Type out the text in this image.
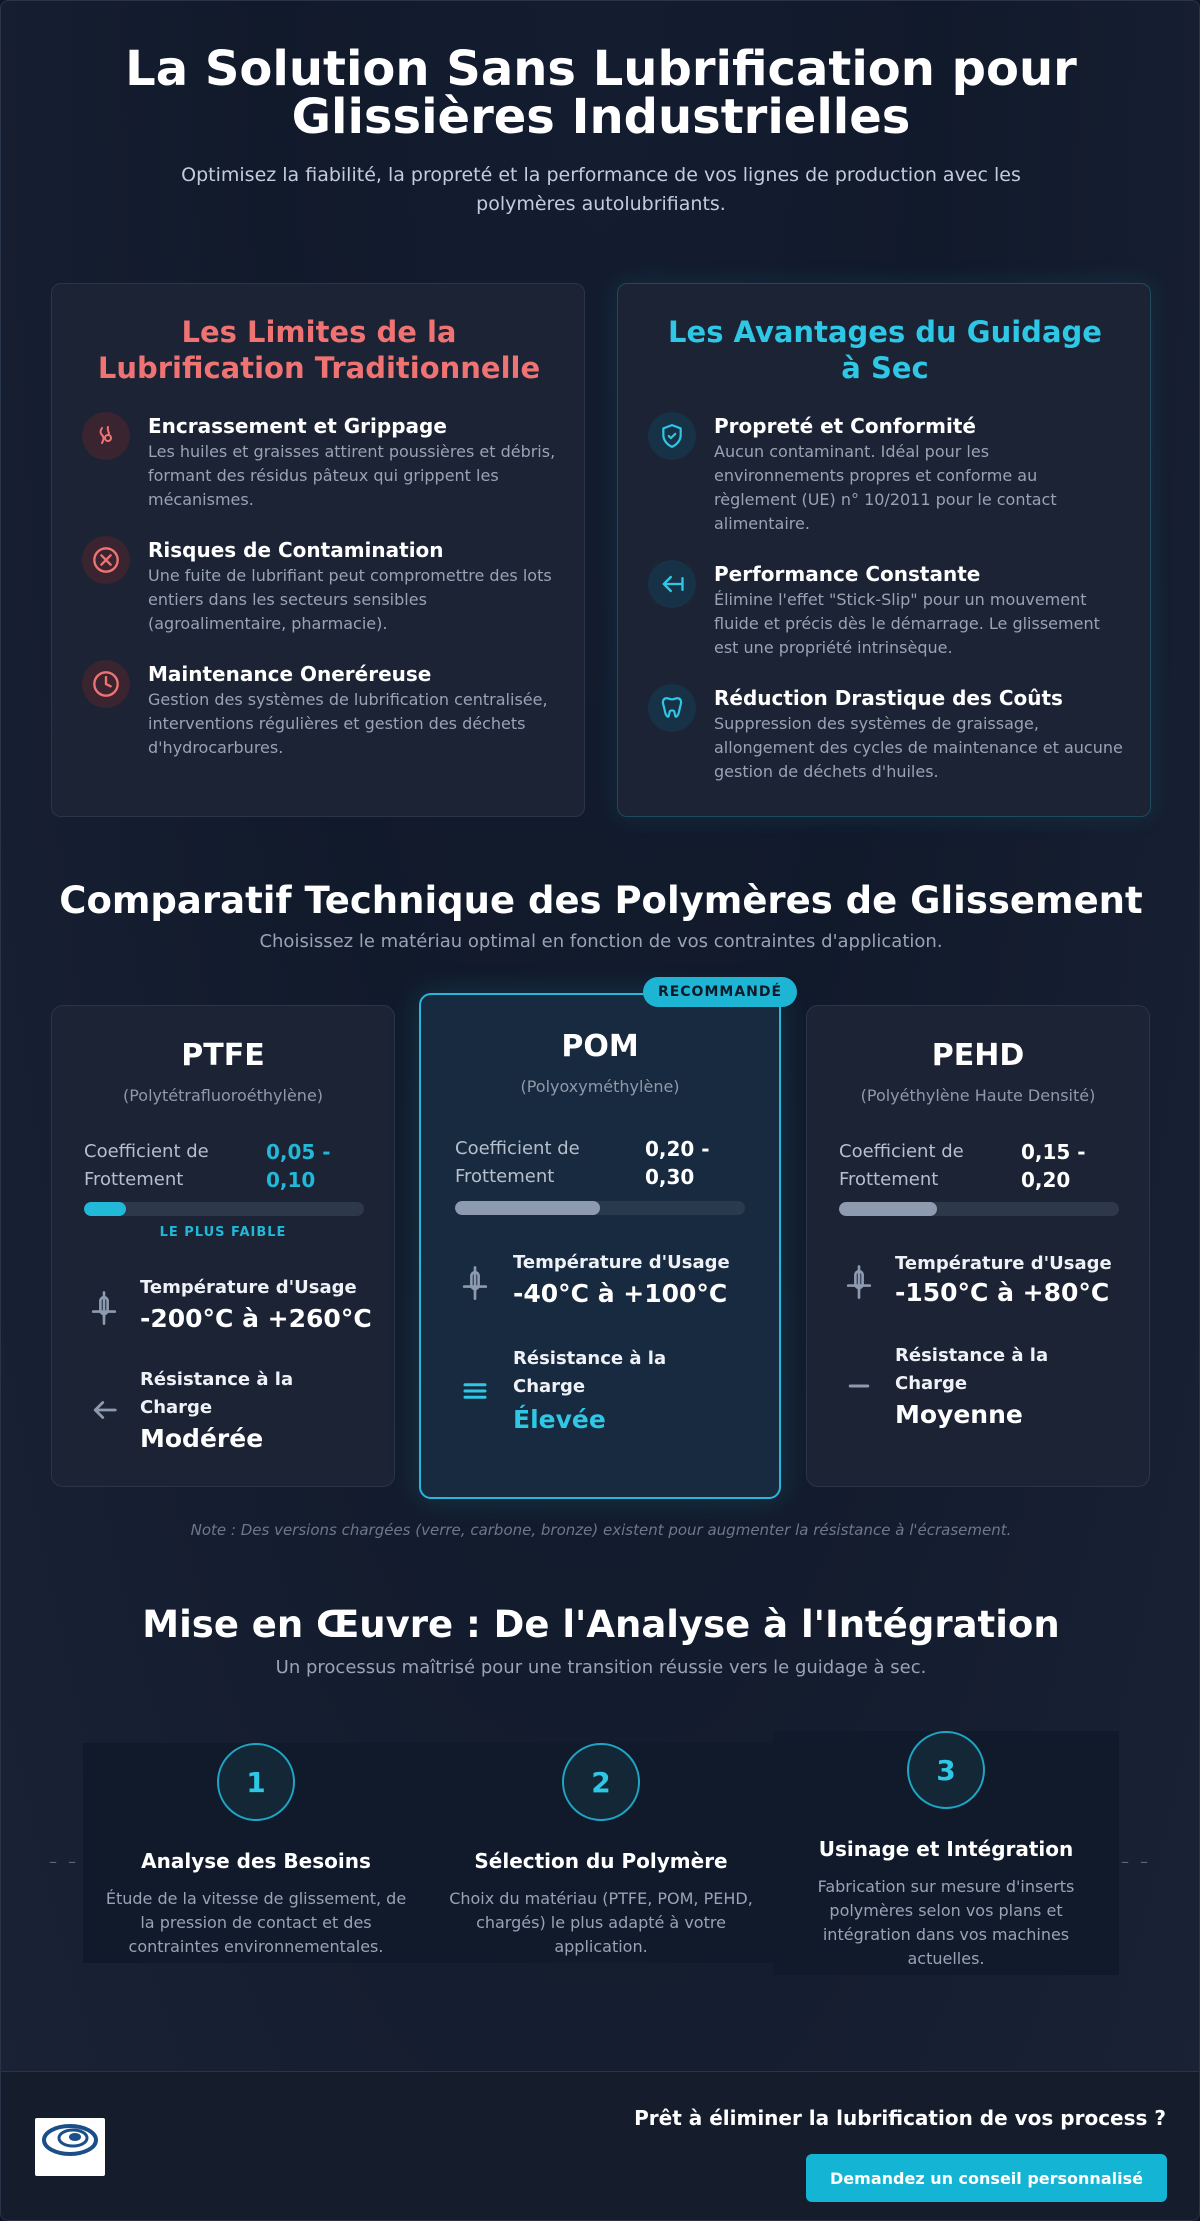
La Solution Sans Lubrification pour
Glissières Industrielles
Optimisez la fiabilité, la propreté et la performance de vos lignes de production avec les
polymères autolubrifiants.
Les Limites de la
Lubrification Traditionnelle
Encrassement et Grippage
Les huiles et graisses attirent poussières et débris, formant des résidus pâteux qui grippent les mécanismes.
Risques de Contamination
Une fuite de lubrifiant peut compromettre des lots entiers dans les secteurs sensibles (agroalimentaire, pharmacie).
Maintenance Oneréreuse
Gestion des systèmes de lubrification centralisée, interventions régulières et gestion des déchets d'hydrocarbures.
Les Avantages du Guidage
à Sec
Propreté et Conformité
Aucun contaminant. Idéal pour les environnements propres et conforme au règlement (UE) n° 10/2011 pour le contact alimentaire.
Performance Constante
Élimine l'effet "Stick-Slip" pour un mouvement fluide et précis dès le démarrage. Le glissement est une propriété intrinsèque.
Réduction Drastique des Coûts
Suppression des systèmes de graissage, allongement des cycles de maintenance et aucune gestion de déchets d'huiles.
Comparatif Technique des Polymères de Glissement
Choisissez le matériau optimal en fonction de vos contraintes d'application.
PTFE
(Polytétrafluoroéthylène)
Coefficient de
Frottement
0,05 -
0,10
Température d'Usage
-200°C à +260°C
Résistance à la
Charge
Modérée
LE PLUS FAIBLE
POM
(Polyoxyméthylène)
Coefficient de
Frottement
0,20 -
0,30
Température d'Usage
-40°C à +100°C
Résistance à la
Charge
Élevée
RECOMMANDÉ
PEHD
(Polyéthylène Haute Densité)
Coefficient de
Frottement
0,15 -
0,20
Température d'Usage
-150°C à +80°C
Résistance à la
Charge
Moyenne
Note : Des versions chargées (verre, carbone, bronze) existent pour augmenter la résistance à l'écrasement.
Mise en Œuvre : De l'Analyse à l'Intégration
Un processus maîtrisé pour une transition réussie vers le guidage à sec.
– –	– –
1
Analyse des Besoins
Étude de la vitesse de glissement, de
la pression de contact et des
contraintes environnementales.
2
Sélection du Polymère
Choix du matériau (PTFE, POM, PEHD,
chargés) le plus adapté à votre
application.
3
Usinage et Intégration
Fabrication sur mesure d'inserts
polymères selon vos plans et
intégration dans vos machines
actuelles.
Prêt à éliminer la lubrification de vos process ?
Demandez un conseil personnalisé
